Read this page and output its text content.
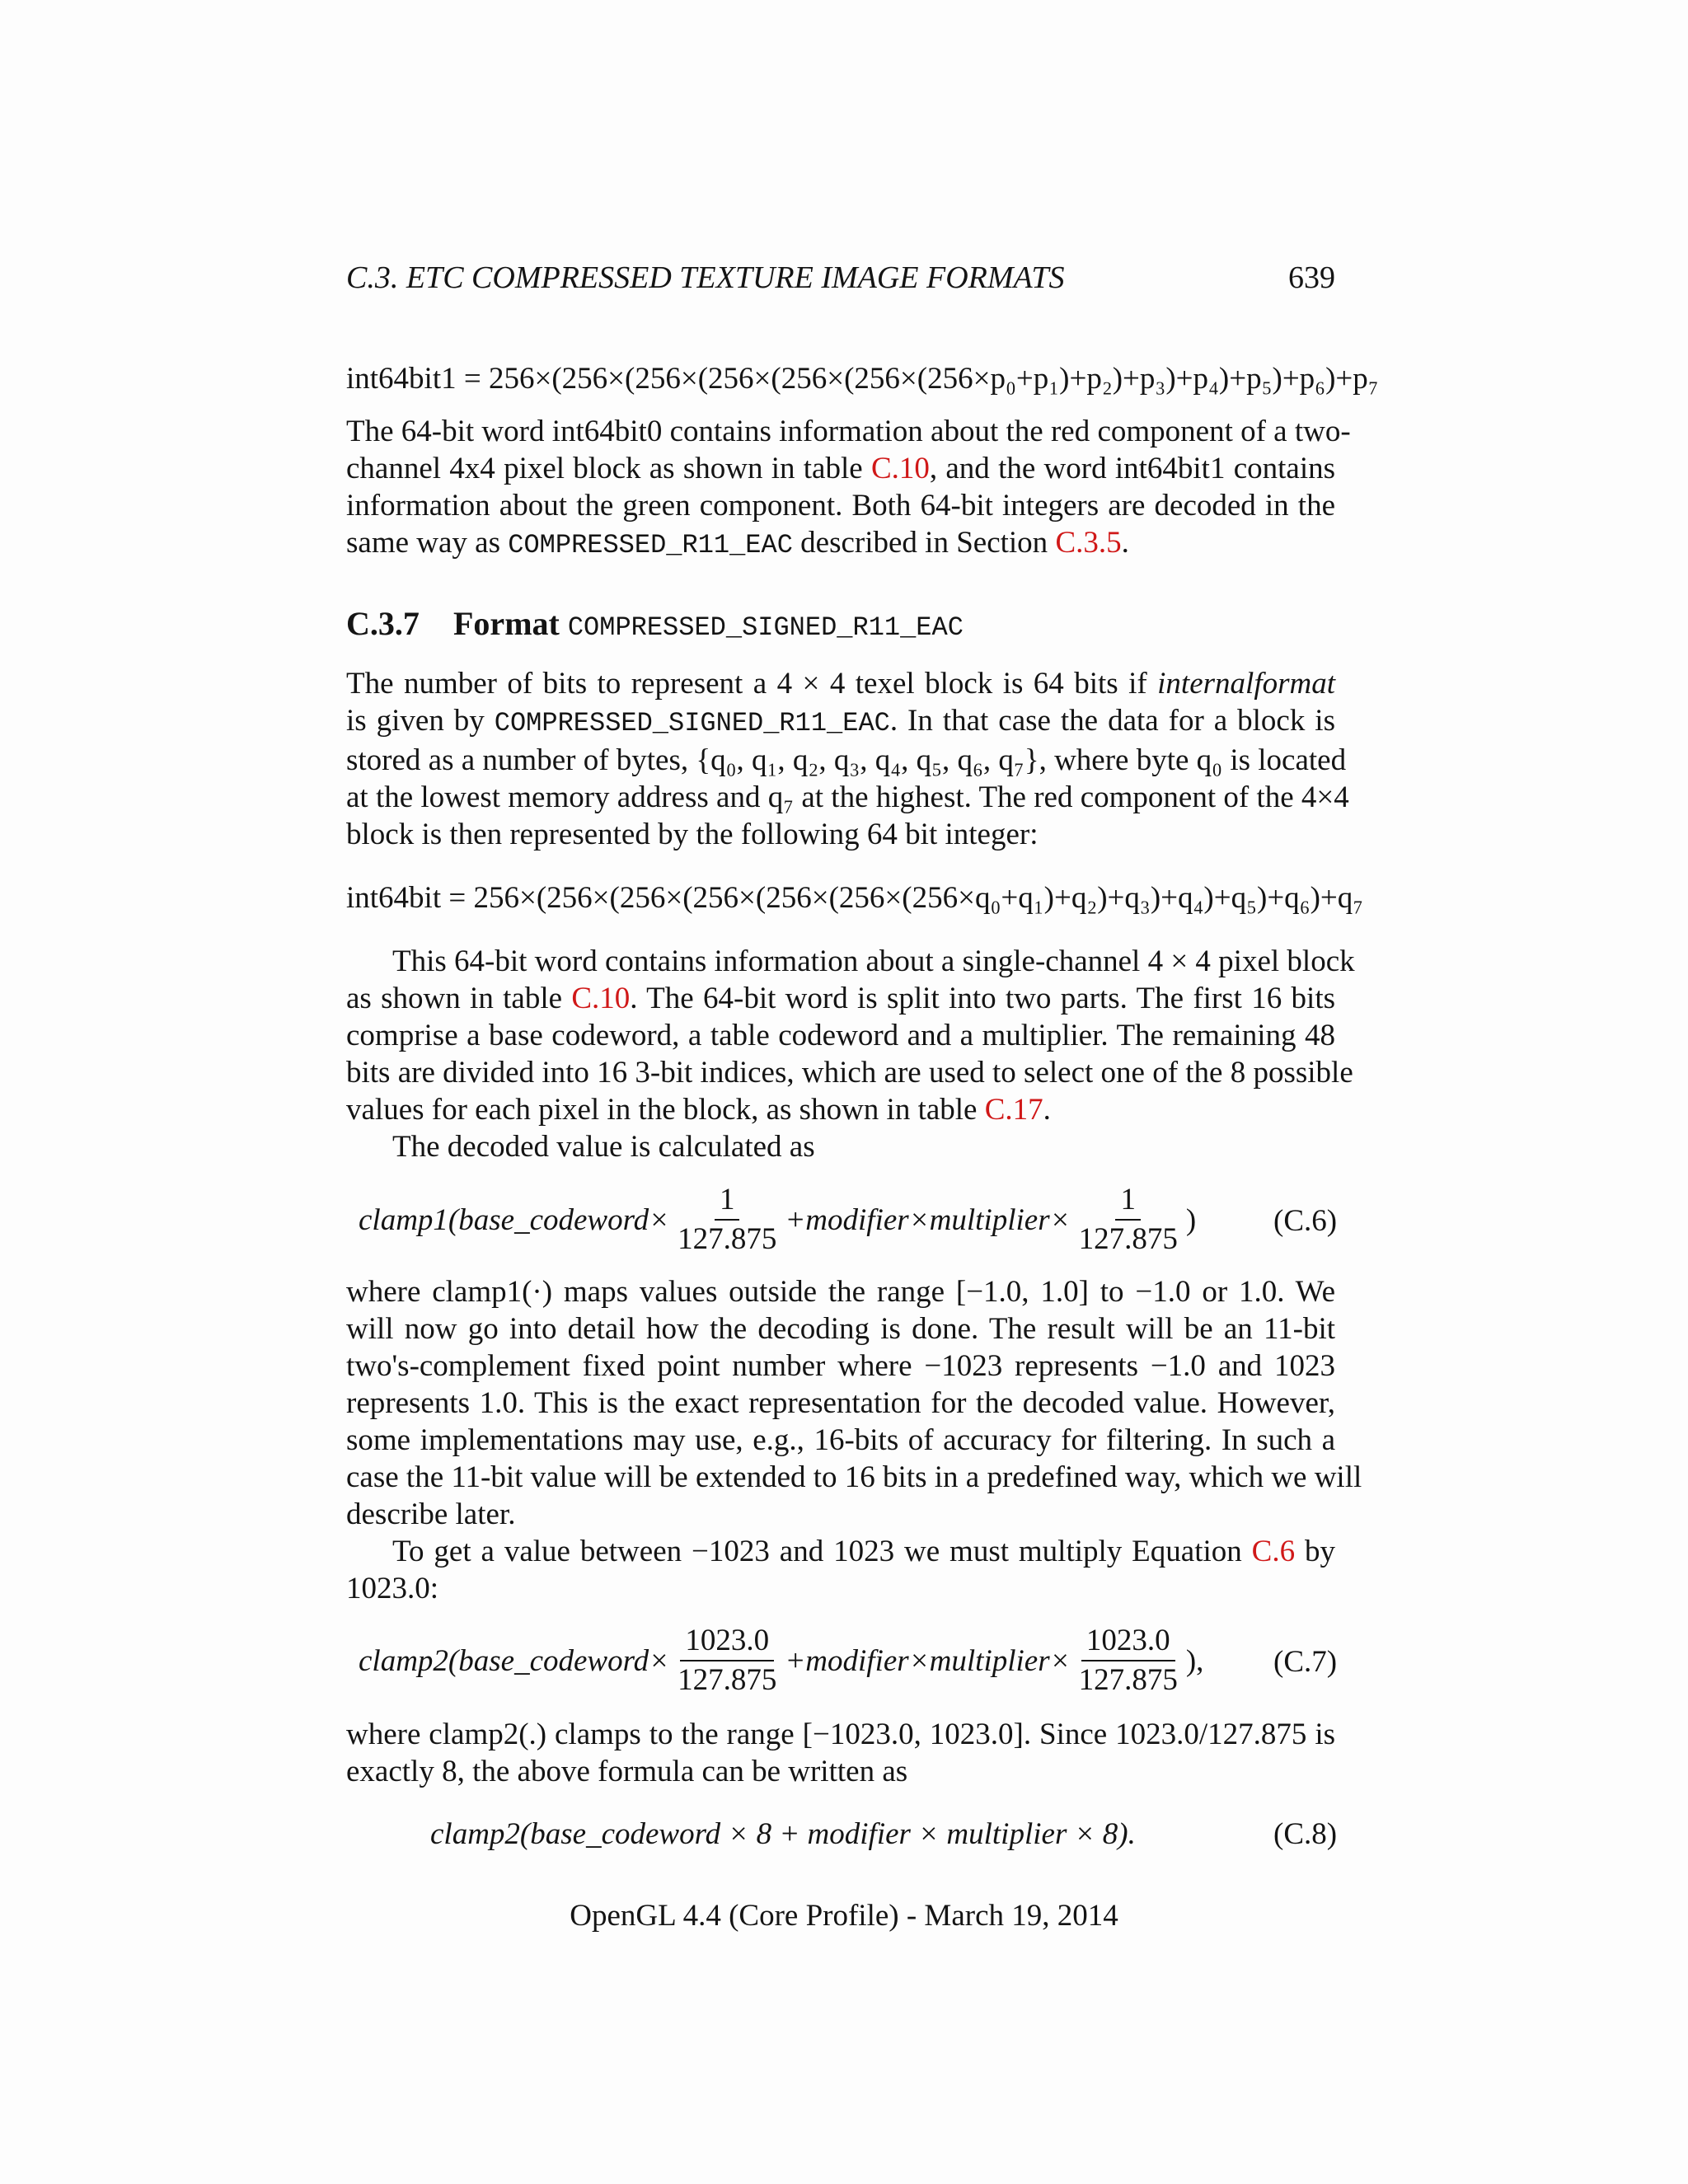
C.3. ETC COMPRESSED TEXTURE IMAGE FORMATS	639
int64bit1 = 256×(256×(256×(256×(256×(256×(256×p₀+p₁)+p₂)+p₃)+p₄)+p₅)+p₆)+p₇
The 64-bit word int64bit0 contains information about the red component of a two-
channel 4x4 pixel block as shown in table C.10, and the word int64bit1 contains
information about the green component. Both 64-bit integers are decoded in the
same way as COMPRESSED_R11_EAC described in Section C.3.5.
C.3.7 Format COMPRESSED_SIGNED_R11_EAC
The number of bits to represent a 4 × 4 texel block is 64 bits if internalformat
is given by COMPRESSED_SIGNED_R11_EAC. In that case the data for a block is
stored as a number of bytes, {q₀, q₁, q₂, q₃, q₄, q₅, q₆, q₇}, where byte q₀ is located
at the lowest memory address and q₇ at the highest. The red component of the 4×4
block is then represented by the following 64 bit integer:
int64bit = 256×(256×(256×(256×(256×(256×(256×q₀+q₁)+q₂)+q₃)+q₄)+q₅)+q₆)+q₇
This 64-bit word contains information about a single-channel 4 × 4 pixel block
as shown in table C.10. The 64-bit word is split into two parts. The first 16 bits
comprise a base codeword, a table codeword and a multiplier. The remaining 48
bits are divided into 16 3-bit indices, which are used to select one of the 8 possible
values for each pixel in the block, as shown in table C.17.
The decoded value is calculated as
clamp1(base_codeword× $\frac{1}{127.875}$ +modifier×multiplier× $\frac{1}{127.875}$ )	(C.6)
where clamp1(·) maps values outside the range [−1.0, 1.0] to −1.0 or 1.0. We
will now go into detail how the decoding is done. The result will be an 11-bit
two's-complement fixed point number where −1023 represents −1.0 and 1023
represents 1.0. This is the exact representation for the decoded value. However,
some implementations may use, e.g., 16-bits of accuracy for filtering. In such a
case the 11-bit value will be extended to 16 bits in a predefined way, which we will
describe later.
To get a value between −1023 and 1023 we must multiply Equation C.6 by
1023.0:
clamp2(base_codeword× $\frac{1023.0}{127.875}$ +modifier×multiplier× $\frac{1023.0}{127.875}$ ), (C.7)
where clamp2(.) clamps to the range [−1023.0, 1023.0]. Since 1023.0/127.875 is
exactly 8, the above formula can be written as
clamp2(base_codeword × 8 + modifier × multiplier × 8).	(C.8)
OpenGL 4.4 (Core Profile) - March 19, 2014
